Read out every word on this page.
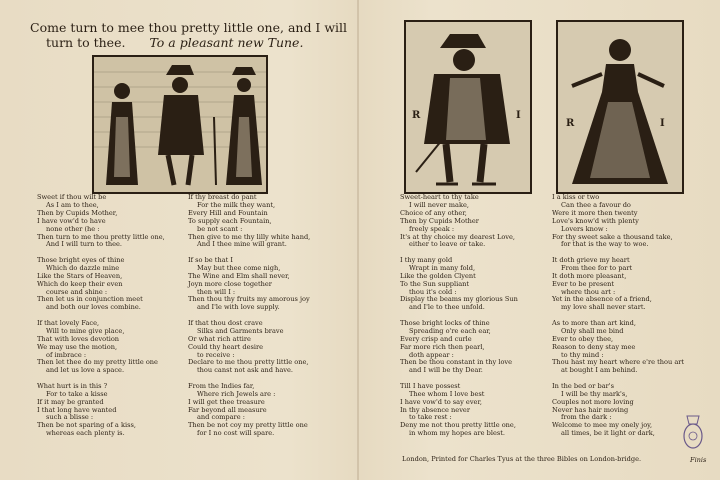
Come turn to mee thou pretty little one, and I will
turn to thee. To a pleasant new Tune.
R	I
R	I
Sweet if thou wilt be
As I am to thee,
Then by Cupids Mother,
I have vow'd to have
none other (he :
Then turn to me thou pretty little one,
And I will turn to thee.
Those bright eyes of thine
Which do dazzle mine
Like the Stars of Heaven,
Which do keep their even
course and shine :
Then let us in conjunction meet
and both our loves combine.
If that lovely Face,
Will to mine give place,
That with loves devotion
We may use the motion,
of imbrace :
Then let thee do my pretty little one
and let us love a space.
What hurt is in this ?
For to take a kisse
If it may be granted
I that long have wanted
such a blisse :
Then be not sparing of a kiss,
whereas each plenty is.
If thy breast do pant
For the milk they want,
Every Hill and Fountain
To supply each Fountain,
be not scant :
Then give to me thy lilly white hand,
And I thee mine will grant.
If so be that I
May but thee come nigh,
The Wine and Elm shall never,
Joyn more close together
then will I :
Then thou thy fruits my amorous joy
and I'le with love supply.
If that thou dost crave
Silks and Garments brave
Or what rich attire
Could thy heart desire
to receive :
Declare to me thou pretty little one,
thou canst not ask and have.
From the Indies far,
Where rich Jewels are :
I will get thee treasure
Far beyond all measure
and compare :
Then be not coy my pretty little one
for I no cost will spare.
Sweet-heart to thy take
I will never make,
Choice of any other,
Then by Cupids Mother
freely speak :
It's at thy choice my dearest Love,
either to leave or take.
I thy many gold
Wrapt in many fold,
Like the golden Clyent
To the Sun suppliant
thou it's cold :
Display the beams my glorious Sun
and I'le to thee unfold.
Those bright locks of thine
Spreading o're each ear,
Every crisp and curle
Far more rich then pearl,
doth appear :
Then be thou constant in thy love
and I will be thy Dear.
Till I have possest
Thee whom I love best
I have vow'd to say ever,
In thy absence never
to take rest :
Deny me not thou pretty little one,
in whom my hopes are blest.
I a kiss or two
Can thee a favour do
Were it more then twenty
Love's know'd with plenty
Lovers know :
For thy sweet sake a thousand take,
for that is the way to woe.
It doth grieve my heart
From thee for to part
It doth more pleasant,
Ever to be present
where thou art :
Yet in the absence of a friend,
my love shall never start.
As to more than art kind,
Only shall me bind
Ever to obey thee,
Reason to deny stay mee
to thy mind :
Thou hast my heart where e're thou art
at bought I am behind.
In the bed or bar's
I will be thy mark's,
Couples not more loving
Never has hair moving
from the dark :
Welcome to mee my onely joy,
all times, be it light or dark,
London, Printed for Charles Tyus at the three Bibles on London-bridge.	Finis
